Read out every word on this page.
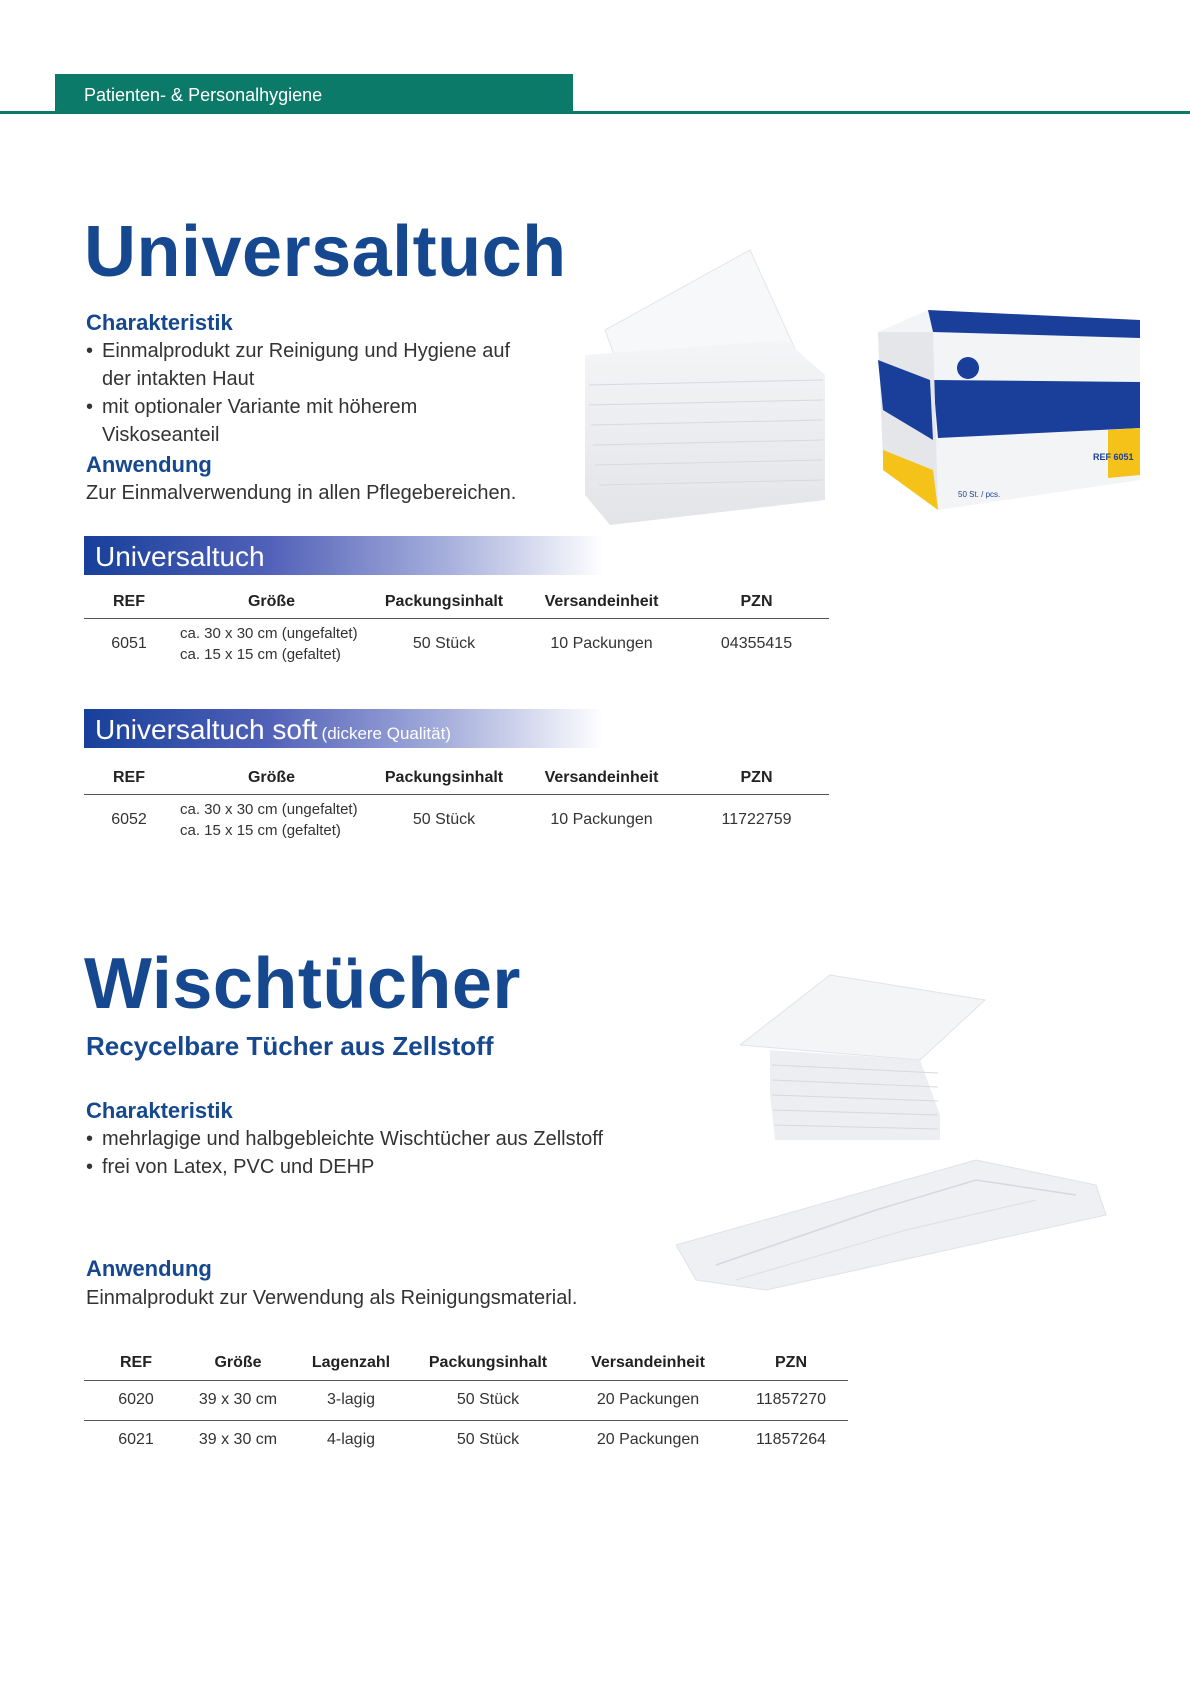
Patienten- & Personalhygiene
Universaltuch
Charakteristik
• Einmalprodukt zur Reinigung und Hygiene auf der intakten Haut
• mit optionaler Variante mit höherem Viskoseanteil
Anwendung

Zur Einmalverwendung in allen Pflegebereichen.

REF 6051
50 St. / pcs.
Universaltuch
REF	Größe	Packungsinhalt	Versandeinheit	PZN
6051	ca. 30 x 30 cm (ungefaltet)
ca. 15 x 15 cm (gefaltet)	50 Stück	10 Packungen	04355415
Universaltuch soft (dickere Qualität)
REF	Größe	Packungsinhalt	Versandeinheit	PZN
6052	ca. 30 x 30 cm (ungefaltet)
ca. 15 x 15 cm (gefaltet)	50 Stück	10 Packungen	11722759
Wischtücher
Recycelbare Tücher aus Zellstoff
Charakteristik
• mehrlagige und halbgebleichte Wischtücher aus Zellstoff
• frei von Latex, PVC und DEHP
Anwendung

Einmalprodukt zur Verwendung als Reinigungsmaterial.

REF	Größe	Lagenzahl	Packungsinhalt	Versandeinheit	PZN
6020	39 x 30 cm	3-lagig	50 Stück	20 Packungen	11857270
6021	39 x 30 cm	4-lagig	50 Stück	20 Packungen	11857264
